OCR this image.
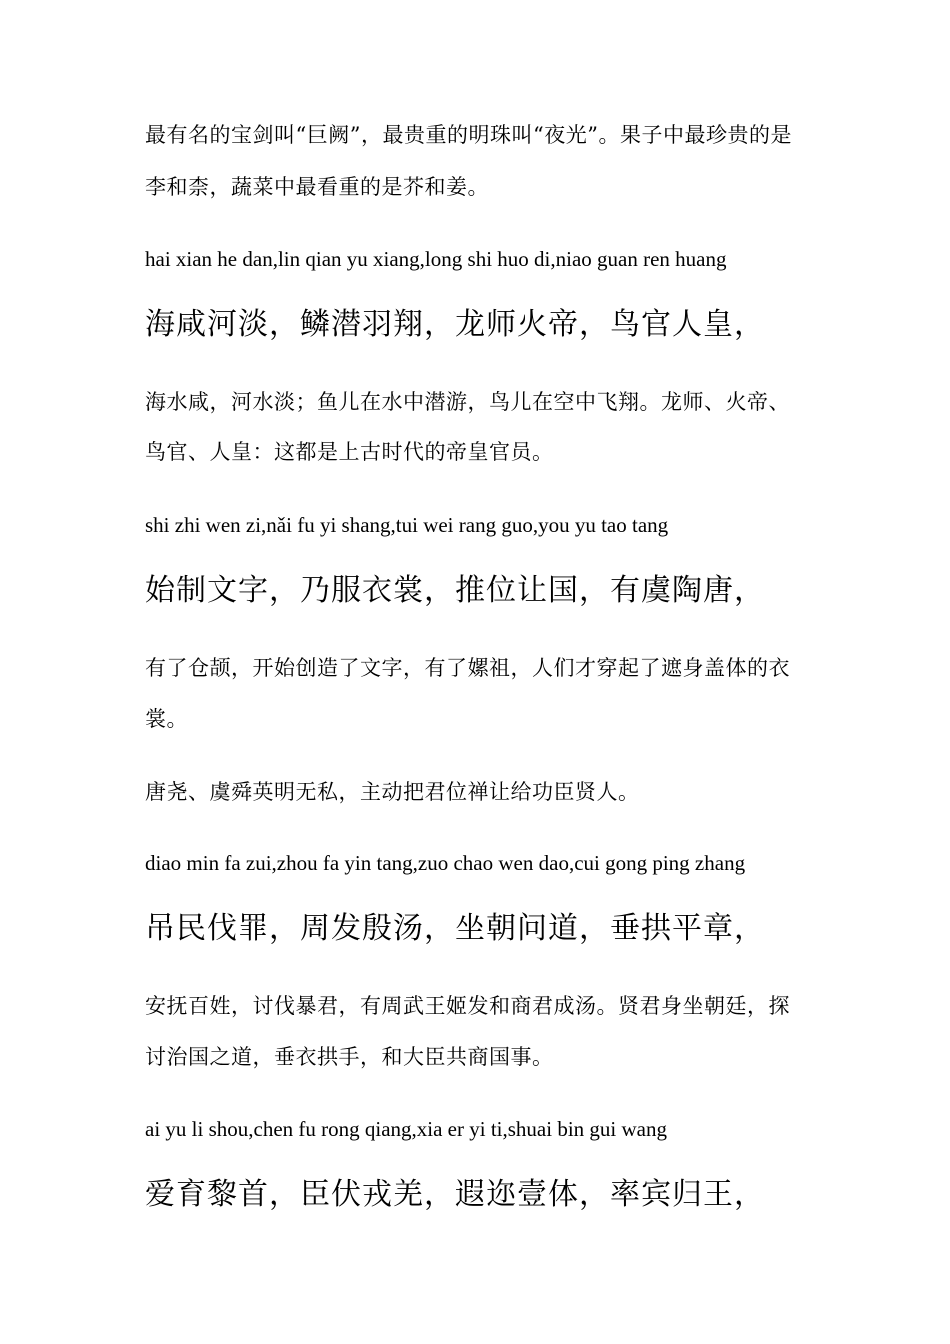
最有名的宝剑叫“巨阙”，最贵重的明珠叫“夜光”。果子中最珍贵的是

李和柰，蔬菜中最看重的是芥和姜。

hai xian he dan,lin qian yu xiang,long shi huo di,niao guan ren huang

海咸河淡，鳞潜羽翔，龙师火帝，鸟官人皇，

海水咸，河水淡；鱼儿在水中潜游，鸟儿在空中飞翔。龙师、火帝、

鸟官、人皇：这都是上古时代的帝皇官员。

shi zhi wen zi,nǎi fu yi shang,tui wei rang guo,you yu tao tang

始制文字，乃服衣裳，推位让国，有虞陶唐，

有了仓颉，开始创造了文字，有了嫘祖，人们才穿起了遮身盖体的衣

裳。

唐尧、虞舜英明无私，主动把君位禅让给功臣贤人。

diao min fa zui,zhou fa yin tang,zuo chao wen dao,cui gong ping zhang

吊民伐罪，周发殷汤，坐朝问道，垂拱平章，

安抚百姓，讨伐暴君，有周武王姬发和商君成汤。贤君身坐朝廷，探

讨治国之道，垂衣拱手，和大臣共商国事。

ai yu li shou,chen fu rong qiang,xia er yi ti,shuai bin gui wang

爱育黎首，臣伏戎羌，遐迩壹体，率宾归王，
